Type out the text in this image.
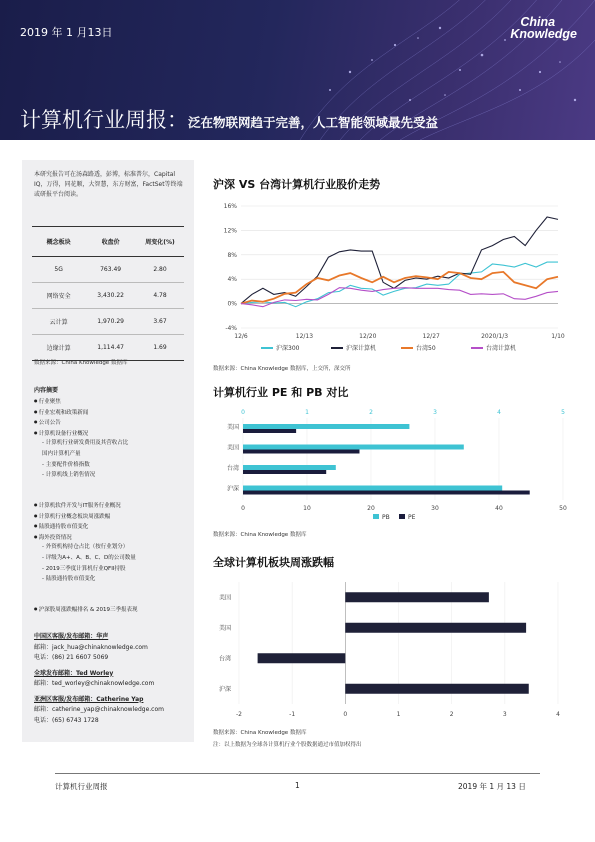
2019 年 1 月13日
China
Knowledge
计算机行业周报：泛在物联网趋于完善，人工智能领域最先受益
本研究报告可在汤森路透，彭博，标准普尔，Capital IQ，万得，同花顺，大智慧，东方财富，FactSet等终端或研报平台阅读。
概念板块	收盘价	周变化(%)
5G	763.49	2.80
网络安全	3,430.22	4.78
云计算	1,970.29	3.67
边缘计算	1,114.47	1.69
数据来源：China Knowledge 数据库
内容摘要
● 行业聚焦
● 行业宏观和政策新闻
● 公司公告
● 计算机设备行业概况
- 计算机行业研发费用及其营收占比
国内计算机产量
- 主要配件价格指数
- 计算机线上销售情况
● 计算机软件开发与IT服务行业概况
● 计算机行业概念板块周涨跌幅
● 陆股通持股市值变化
● 海外投资情况
- 外资机构持仓占比（按行业划分）
- 评级为A+、A、B、C、D的公司数量
- 2019三季度计算机行业QFII持股
- 陆股通持股市值变化
● 沪深股周涨跌幅排名 & 2019三季报表现
中国区客服/发布邮箱：华声
邮箱：jack_hua@chinaknowledge.com
电话：(86) 21 6607 5069
全球发布邮箱：Ted Worley
邮箱：ted_worley@chinaknowledge.com
亚洲区客服/发布邮箱：Catherine Yap
邮箱：catherine_yap@chinaknowledge.com
电话：(65) 6743 1728
沪深 VS 台湾计算机行业股价走势
-4%
0%
4%
8%
12%
16%
12/6	12/13	12/20	12/27	2020/1/3	1/10
沪深300	沪深计算机	台湾50	台湾计算机
数据来源：China Knowledge 数据库，上交所，深交所
计算机行业 PE 和 PB 对比
0	1	2	3	4	5
0	10	20	30	40	50
美国
美国
台湾
沪深
PB	PE
数据来源：China Knowledge 数据库
全球计算机板块周涨跌幅
-2	-1	0	1	2	3	4
美国
美国
台湾
沪深
数据来源：China Knowledge 数据库
注：以上数据为全球各计算机行业个股数据通过市值加权得出
计算机行业周报	1	2019 年 1 月 13 日
